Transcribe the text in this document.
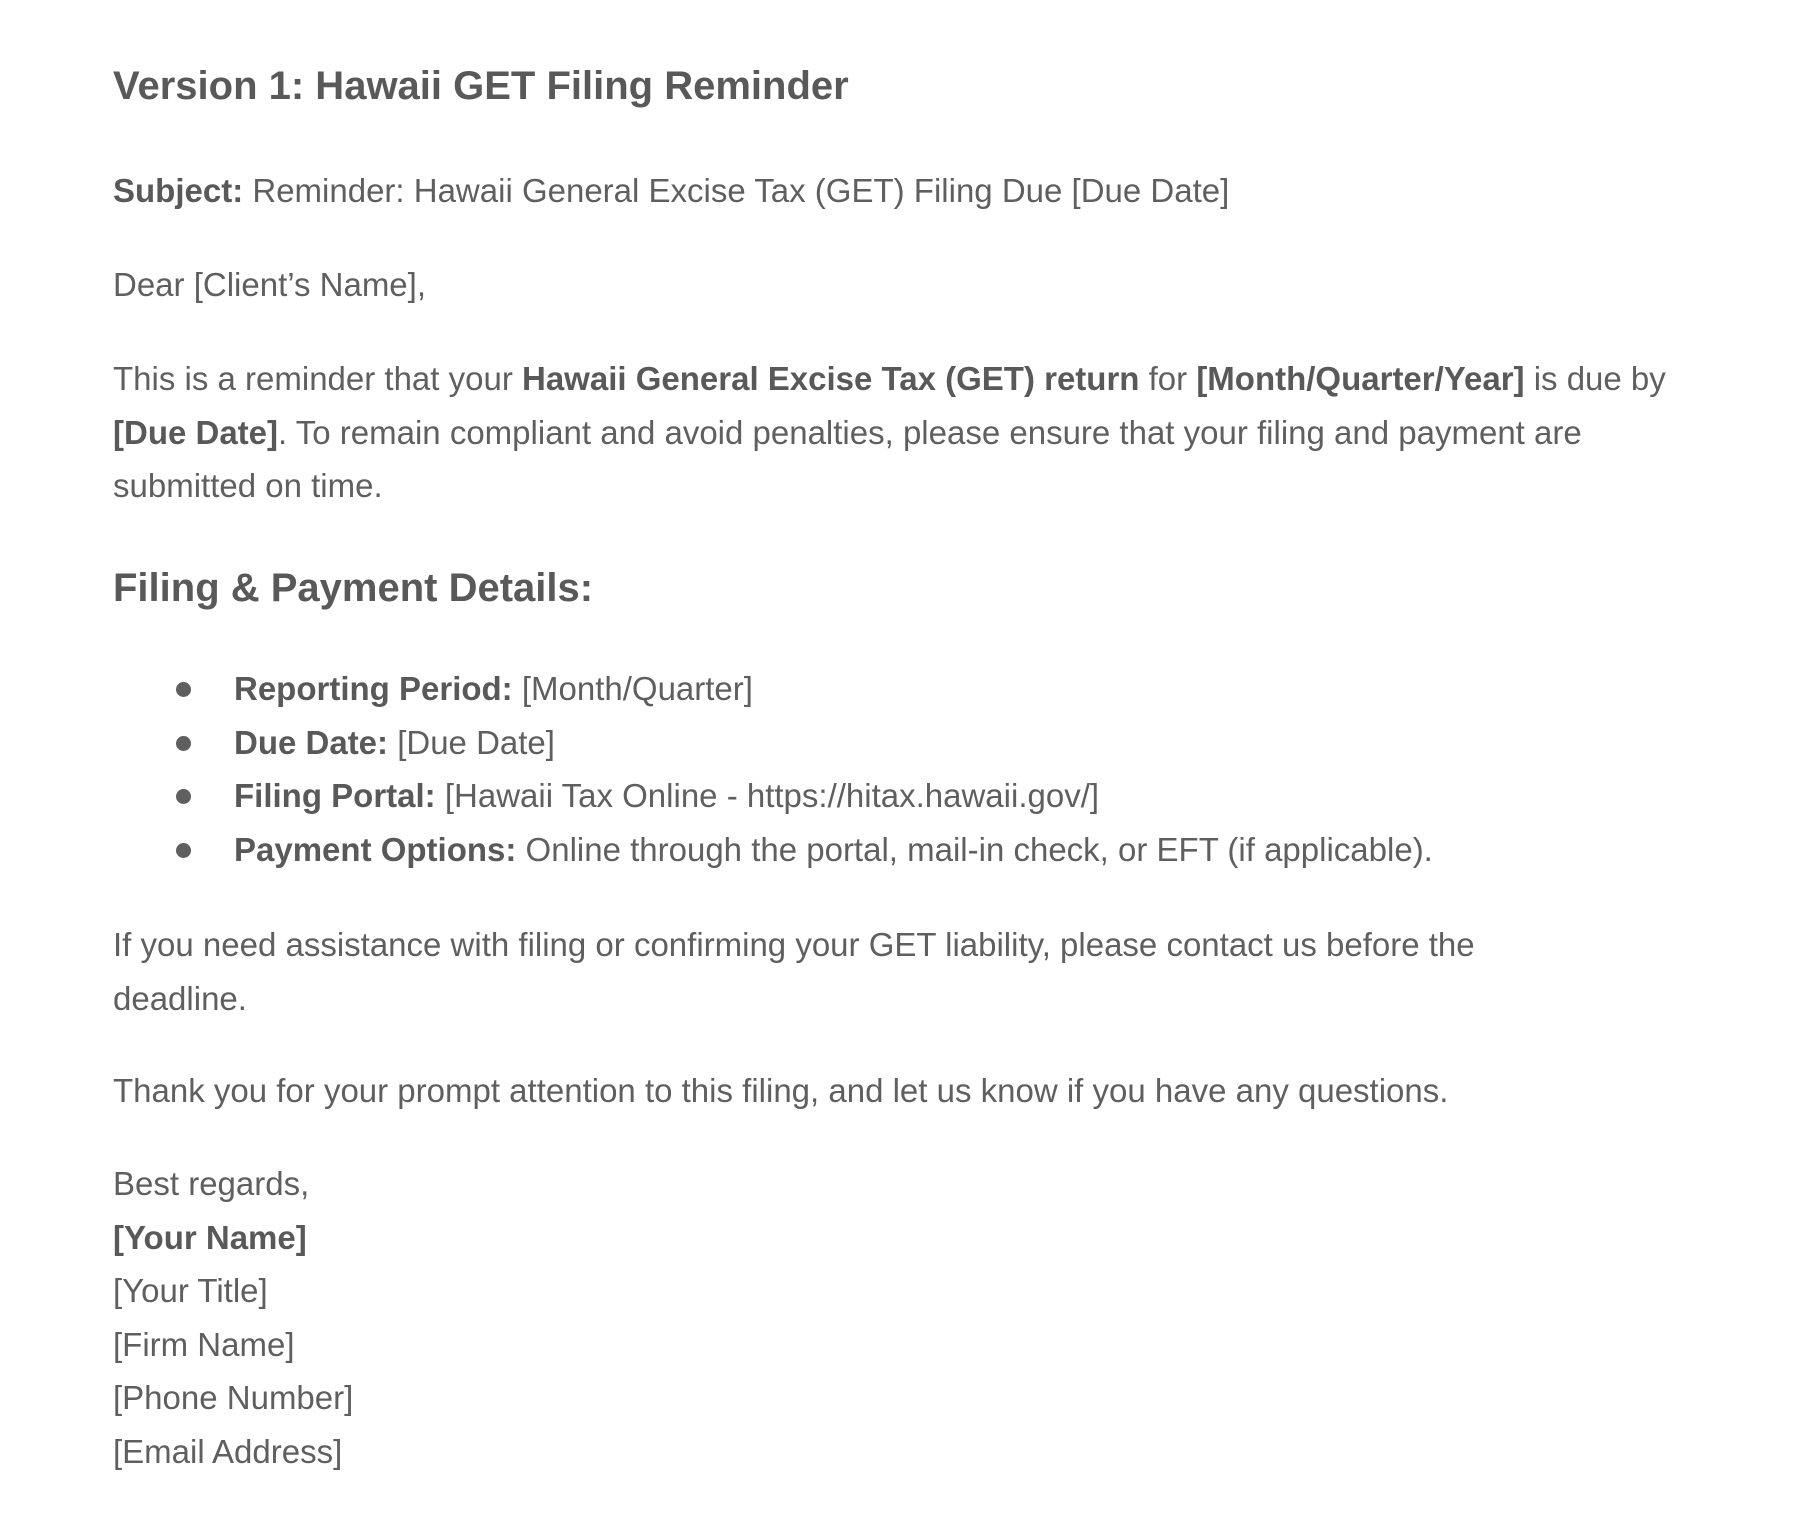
Version 1: Hawaii GET Filing Reminder

Subject: Reminder: Hawaii General Excise Tax (GET) Filing Due [Due Date]

Dear [Client’s Name],

This is a reminder that your Hawaii General Excise Tax (GET) return for [Month/Quarter/Year] is due by [Due Date]. To remain compliant and avoid penalties, please ensure that your filing and payment are submitted on time.

Filing & Payment Details:
Reporting Period: [Month/Quarter]
Due Date: [Due Date]
Filing Portal: [Hawaii Tax Online - https://hitax.hawaii.gov/]
Payment Options: Online through the portal, mail-in check, or EFT (if applicable).

If you need assistance with filing or confirming your GET liability, please contact us before the deadline.

Thank you for your prompt attention to this filing, and let us know if you have any questions.

Best regards,
[Your Name]
[Your Title]
[Firm Name]
[Phone Number]
[Email Address]
